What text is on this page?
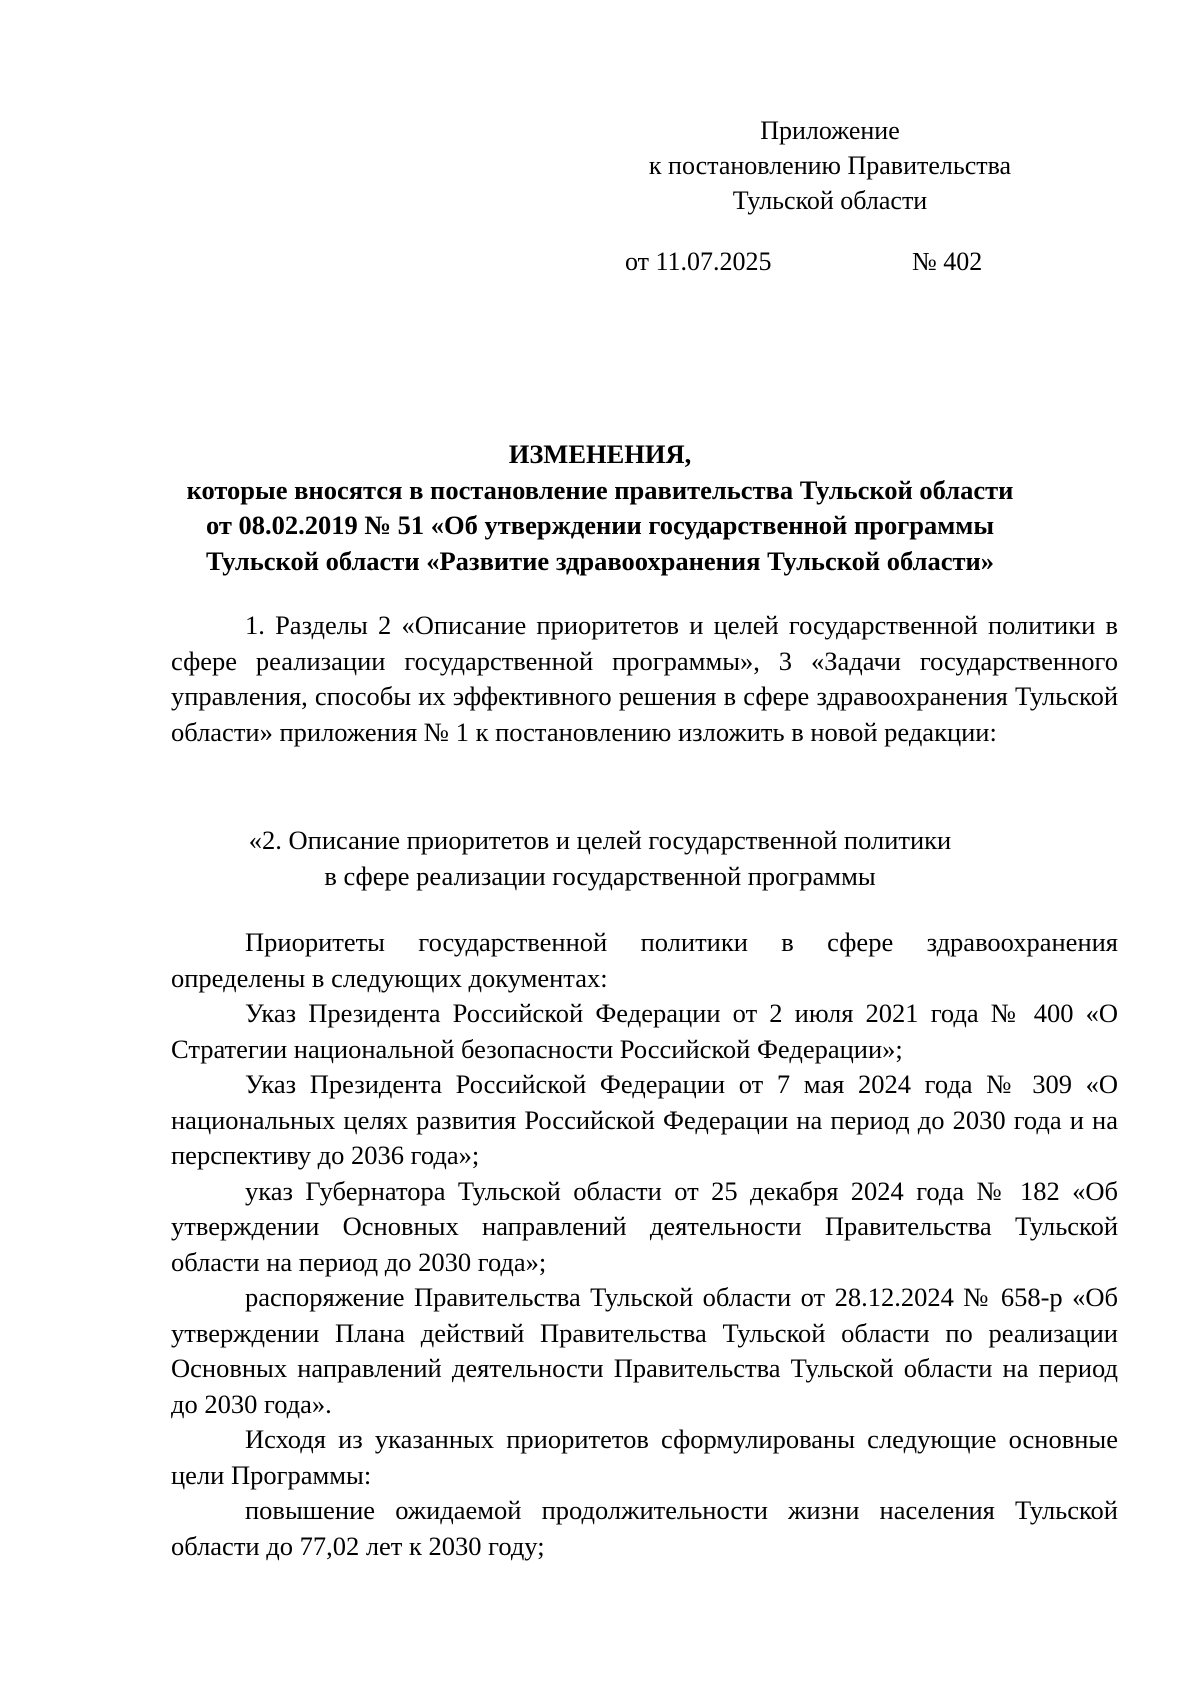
Приложение
к постановлению Правительства
Тульской области
от 11.07.2025	№ 402
ИЗМЕНЕНИЯ,
которые вносятся в постановление правительства Тульской области
от 08.02.2019 № 51 «Об утверждении государственной программы
Тульской области «Развитие здравоохранения Тульской области»

1. Разделы 2 «Описание приоритетов и целей государственной политики в сфере реализации государственной программы», 3 «Задачи государственного управления, способы их эффективного решения в сфере здравоохранения Тульской области» приложения № 1 к постановлению изложить в новой редакции:

«2. Описание приоритетов и целей государственной политики
в сфере реализации государственной программы

Приоритеты государственной политики в сфере здравоохранения определены в следующих документах:

Указ Президента Российской Федерации от 2 июля 2021 года № 400 «О Стратегии национальной безопасности Российской Федерации»;

Указ Президента Российской Федерации от 7 мая 2024 года № 309 «О национальных целях развития Российской Федерации на период до 2030 года и на перспективу до 2036 года»;

указ Губернатора Тульской области от 25 декабря 2024 года № 182 «Об утверждении Основных направлений деятельности Правительства Тульской области на период до 2030 года»;

распоряжение Правительства Тульской области от 28.12.2024 № 658-р «Об утверждении Плана действий Правительства Тульской области по реализации Основных направлений деятельности Правительства Тульской области на период до 2030 года».

Исходя из указанных приоритетов сформулированы следующие основные цели Программы:

повышение ожидаемой продолжительности жизни населения Тульской области до 77,02 лет к 2030 году;
